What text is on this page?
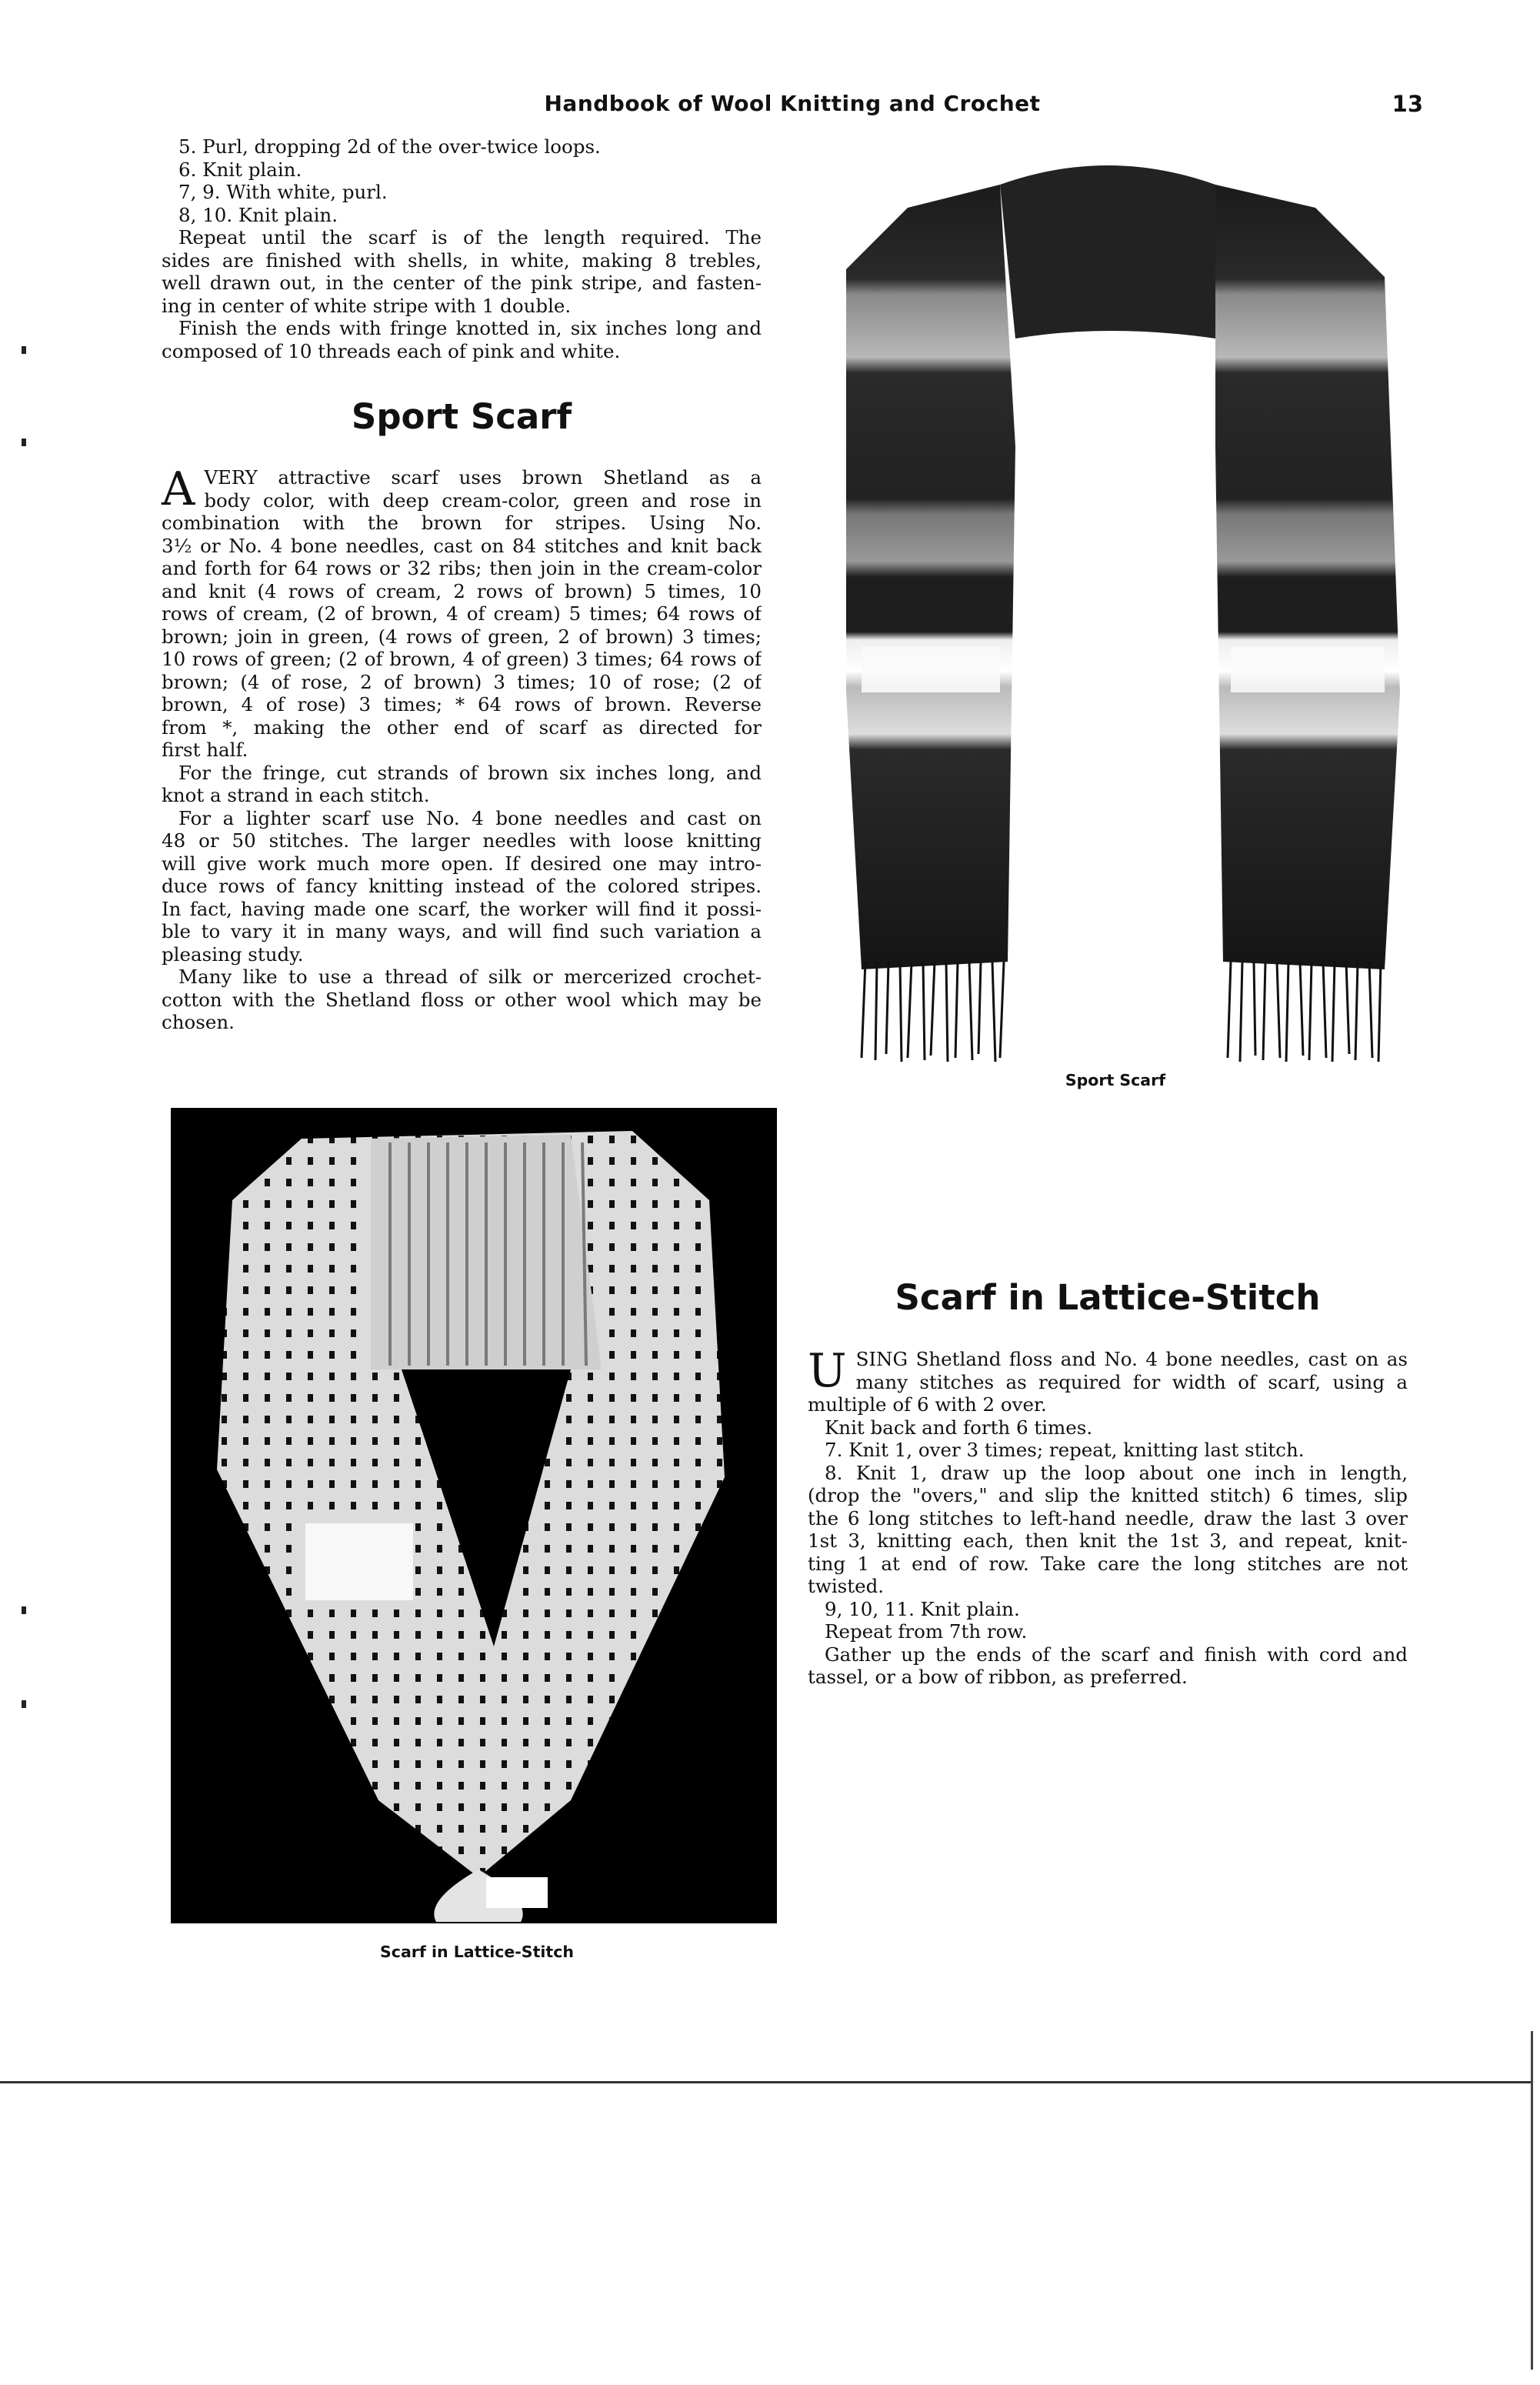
Handbook of Wool Knitting and Crochet	13
5. Purl, dropping 2d of the over-twice loops.
6. Knit plain.
7, 9. With white, purl.
8, 10. Knit plain.
Repeat until the scarf is of the length required. The
sides are finished with shells, in white, making 8 trebles,
well drawn out, in the center of the pink stripe, and fasten-
ing in center of white stripe with 1 double.
Finish the ends with fringe knotted in, six inches long and
composed of 10 threads each of pink and white.
Sport Scarf
A VERY attractive scarf uses brown Shetland as a
body color, with deep cream-color, green and rose in
combination with the brown for stripes. Using No.
3½ or No. 4 bone needles, cast on 84 stitches and knit back
and forth for 64 rows or 32 ribs; then join in the cream-color
and knit (4 rows of cream, 2 rows of brown) 5 times, 10
rows of cream, (2 of brown, 4 of cream) 5 times; 64 rows of
brown; join in green, (4 rows of green, 2 of brown) 3 times;
10 rows of green; (2 of brown, 4 of green) 3 times; 64 rows of
brown; (4 of rose, 2 of brown) 3 times; 10 of rose; (2 of
brown, 4 of rose) 3 times; * 64 rows of brown. Reverse
from *, making the other end of scarf as directed for
first half.
For the fringe, cut strands of brown six inches long, and
knot a strand in each stitch.
For a lighter scarf use No. 4 bone needles and cast on
48 or 50 stitches. The larger needles with loose knitting
will give work much more open. If desired one may intro-
duce rows of fancy knitting instead of the colored stripes.
In fact, having made one scarf, the worker will find it possi-
ble to vary it in many ways, and will find such variation a
pleasing study.
Many like to use a thread of silk or mercerized crochet-
cotton with the Shetland floss or other wool which may be
chosen.
Sport Scarf
Scarf in Lattice-Stitch
Scarf in Lattice-Stitch
U SING Shetland floss and No. 4 bone needles, cast on as
many stitches as required for width of scarf, using a
multiple of 6 with 2 over.
Knit back and forth 6 times.
7. Knit 1, over 3 times; repeat, knitting last stitch.
8. Knit 1, draw up the loop about one inch in length,
(drop the "overs," and slip the knitted stitch) 6 times, slip
the 6 long stitches to left-hand needle, draw the last 3 over
1st 3, knitting each, then knit the 1st 3, and repeat, knit-
ting 1 at end of row. Take care the long stitches are not
twisted.
9, 10, 11. Knit plain.
Repeat from 7th row.
Gather up the ends of the scarf and finish with cord and
tassel, or a bow of ribbon, as preferred.
